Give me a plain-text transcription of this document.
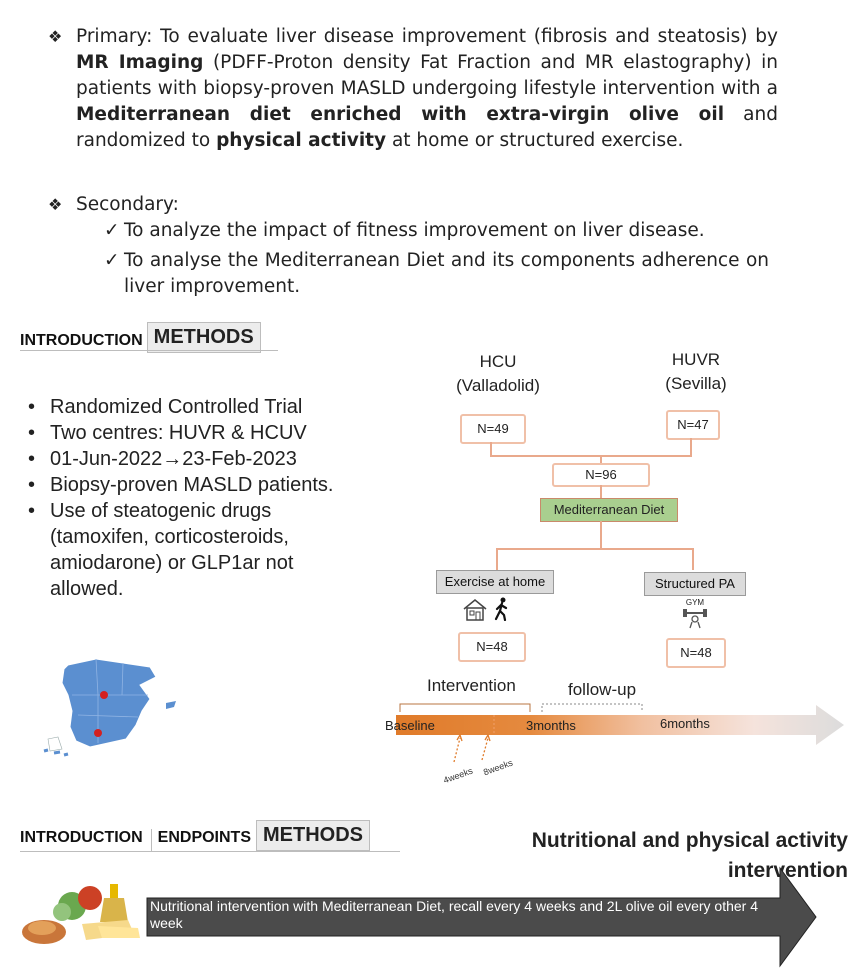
❖ Primary: To evaluate liver disease improvement (fibrosis and steatosis) by MR Imaging (PDFF-Proton density Fat Fraction and MR elastography) in patients with biopsy-proven MASLD undergoing lifestyle intervention with a Mediterranean diet enriched with extra-virgin olive oil and randomized to physical activity at home or structured exercise.
❖ Secondary:
✓ To analyze the impact of fitness improvement on liver disease.
✓ To analyse the Mediterranean Diet and its components adherence on liver improvement.
INTRODUCTION METHODS
• Randomized Controlled Trial
• Two centres: HUVR & HCUV
• 01-Jun-2022→23-Feb-2023
• Biopsy-proven MASLD patients.
• Use of steatogenic drugs (tamoxifen, corticosteroids, amiodarone) or GLP1ar not allowed.
HCU
(Valladolid)
HUVR
(Sevilla)
N=49	N=47
N=96
Mediterranean Diet
Exercise at home	Structured PA
GYM
N=48	N=48
Intervention	follow-up
Baseline	3months	6months
4weeks 8weeks
INTRODUCTION ENDPOINTS METHODS	Nutritional and physical activity
intervention
Nutritional intervention with Mediterranean Diet, recall every 4 weeks and 2L olive oil every other 4 week
